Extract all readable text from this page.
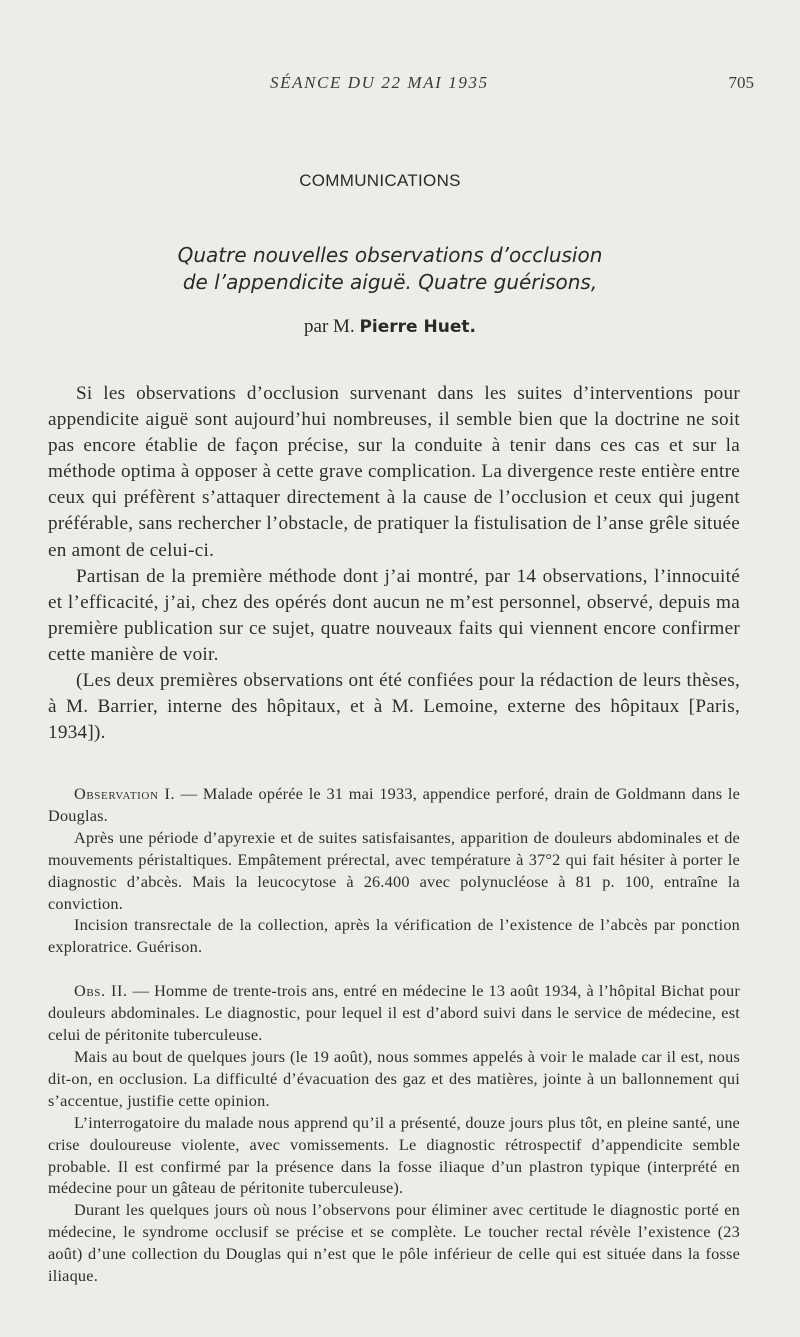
SÉANCE DU 22 MAI 1935	705
COMMUNICATIONS
Quatre nouvelles observations d’occlusion
de l’appendicite aiguë. Quatre guérisons,
par M. Pierre Huet.

Si les observations d’occlusion survenant dans les suites d’interventions pour appendicite aiguë sont aujourd’hui nombreuses, il semble bien que la doctrine ne soit pas encore établie de façon précise, sur la conduite à tenir dans ces cas et sur la méthode optima à opposer à cette grave complication. La divergence reste entière entre ceux qui préfèrent s’attaquer directement à la cause de l’occlusion et ceux qui jugent préférable, sans rechercher l’obstacle, de pratiquer la fistulisation de l’anse grêle située en amont de celui-ci.

Partisan de la première méthode dont j’ai montré, par 14 observations, l’innocuité et l’efficacité, j’ai, chez des opérés dont aucun ne m’est personnel, observé, depuis ma première publication sur ce sujet, quatre nouveaux faits qui viennent encore confirmer cette manière de voir.

(Les deux premières observations ont été confiées pour la rédaction de leurs thèses, à M. Barrier, interne des hôpitaux, et à M. Lemoine, externe des hôpitaux [Paris, 1934]).

Observation I. — Malade opérée le 31 mai 1933, appendice perforé, drain de Goldmann dans le Douglas.

Après une période d’apyrexie et de suites satisfaisantes, apparition de douleurs abdominales et de mouvements péristaltiques. Empâtement prérectal, avec température à 37°2 qui fait hésiter à porter le diagnostic d’abcès. Mais la leucocytose à 26.400 avec polynucléose à 81 p. 100, entraîne la conviction.

Incision transrectale de la collection, après la vérification de l’existence de l’abcès par ponction exploratrice. Guérison.

Obs. II. — Homme de trente-trois ans, entré en médecine le 13 août 1934, à l’hôpital Bichat pour douleurs abdominales. Le diagnostic, pour lequel il est d’abord suivi dans le service de médecine, est celui de péritonite tuberculeuse.

Mais au bout de quelques jours (le 19 août), nous sommes appelés à voir le malade car il est, nous dit-on, en occlusion. La difficulté d’évacuation des gaz et des matières, jointe à un ballonnement qui s’accentue, justifie cette opinion.

L’interrogatoire du malade nous apprend qu’il a présenté, douze jours plus tôt, en pleine santé, une crise douloureuse violente, avec vomissements. Le diagnostic rétrospectif d’appendicite semble probable. Il est confirmé par la présence dans la fosse iliaque d’un plastron typique (interprété en médecine pour un gâteau de péritonite tuberculeuse).

Durant les quelques jours où nous l’observons pour éliminer avec certitude le diagnostic porté en médecine, le syndrome occlusif se précise et se complète. Le toucher rectal révèle l’existence (23 août) d’une collection du Douglas qui n’est que le pôle inférieur de celle qui est située dans la fosse iliaque.
